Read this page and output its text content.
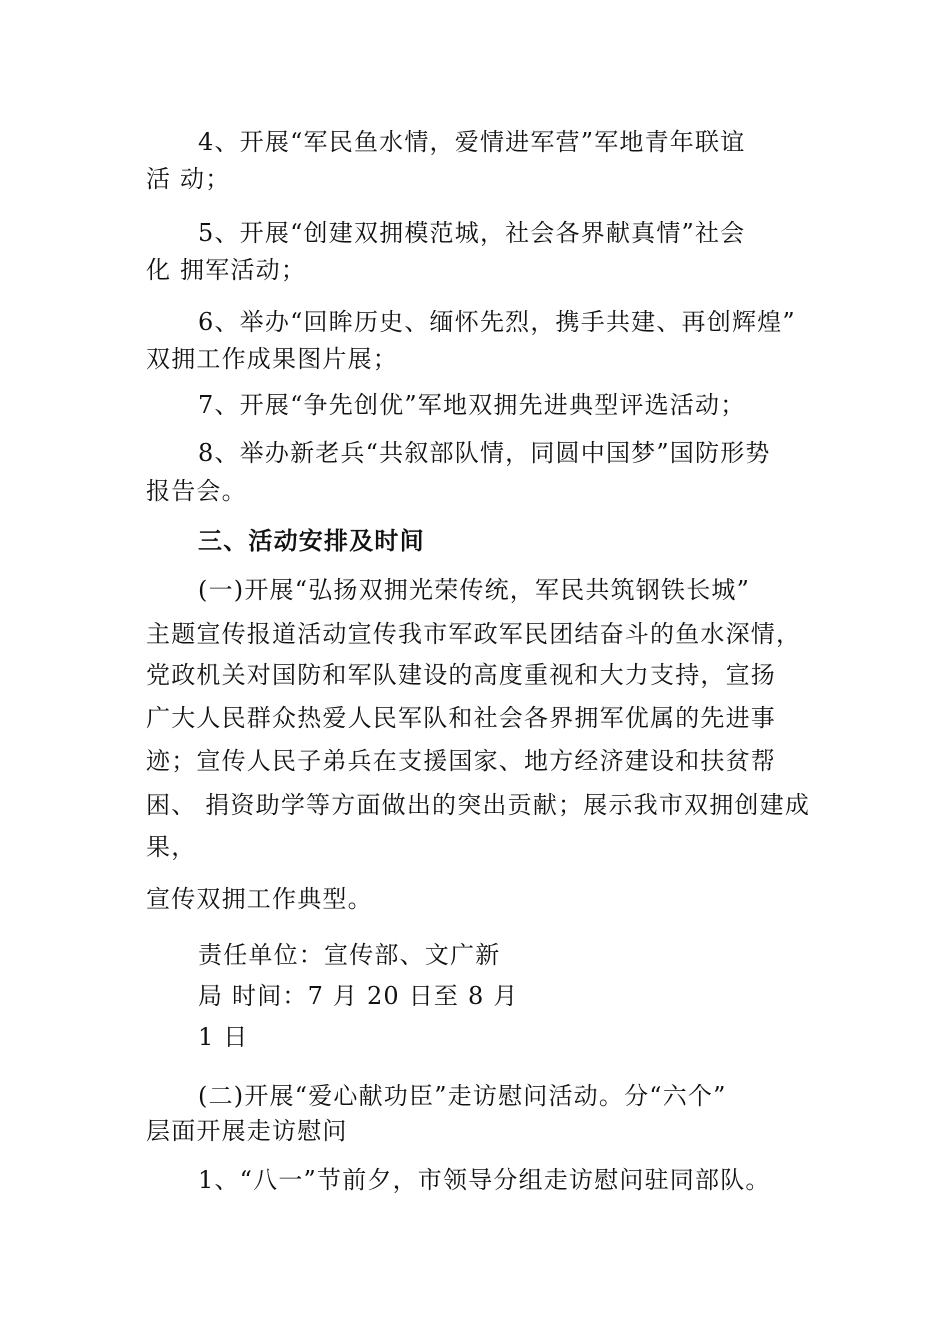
4、开展“军民鱼水情，爱情进军营”军地青年联谊
活 动；
5、开展“创建双拥模范城，社会各界献真情”社会
化 拥军活动；
6、举办“回眸历史、缅怀先烈，携手共建、再创辉煌”
双拥工作成果图片展；
7、开展“争先创优”军地双拥先进典型评选活动；
8、举办新老兵“共叙部队情，同圆中国梦”国防形势
报告会。
三、活动安排及时间
(一)开展“弘扬双拥光荣传统，军民共筑钢铁长城”
主题宣传报道活动宣传我市军政军民团结奋斗的鱼水深情，
党政机关对国防和军队建设的高度重视和大力支持，宣扬
广大人民群众热爱人民军队和社会各界拥军优属的先进事
迹；宣传人民子弟兵在支援国家、地方经济建设和扶贫帮
困、 捐资助学等方面做出的突出贡献；展示我市双拥创建成
果，
宣传双拥工作典型。
责任单位：宣传部、文广新
局 时间：7 月 20 日至 8 月
1 日
(二)开展“爱心献功臣”走访慰问活动。分“六个”
层面开展走访慰问
1、“八一”节前夕，市领导分组走访慰问驻同部队。
